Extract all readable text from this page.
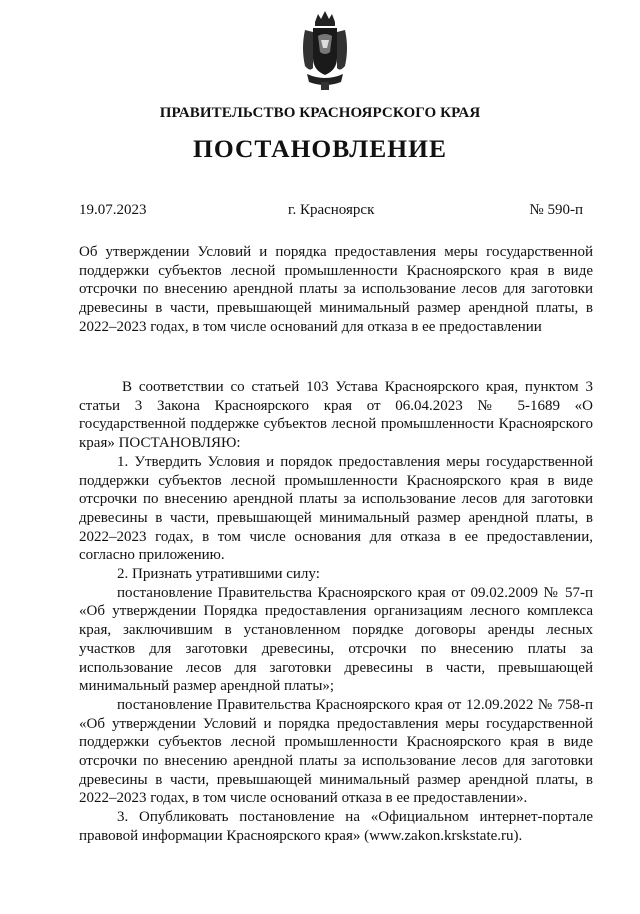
ПРАВИТЕЛЬСТВО КРАСНОЯРСКОГО КРАЯ
ПОСТАНОВЛЕНИЕ
19.07.2023	г. Красноярск	№ 590-п
Об утверждении Условий и порядка предоставления меры государственной поддержки субъектов лесной промышленности Красноярского края в виде отсрочки по внесению арендной платы за использование лесов для заготовки древесины в части, превышающей минимальный размер арендной платы, в 2022–2023 годах, в том числе оснований для отказа в ее предоставлении

В соответствии со статьей 103 Устава Красноярского края, пунктом 3 статьи 3 Закона Красноярского края от 06.04.2023 № 5-1689 «О государственной поддержке субъектов лесной промышленности Красноярского края» ПОСТАНОВЛЯЮ:

1. Утвердить Условия и порядок предоставления меры государственной поддержки субъектов лесной промышленности Красноярского края в виде отсрочки по внесению арендной платы за использование лесов для заготовки древесины в части, превышающей минимальный размер арендной платы, в 2022–2023 годах, в том числе основания для отказа в ее предоставлении, согласно приложению.

2. Признать утратившими силу:

постановление Правительства Красноярского края от 09.02.2009 № 57-п «Об утверждении Порядка предоставления организациям лесного комплекса края, заключившим в установленном порядке договоры аренды лесных участков для заготовки древесины, отсрочки по внесению платы за использование лесов для заготовки древесины в части, превышающей минимальный размер арендной платы»;

постановление Правительства Красноярского края от 12.09.2022 № 758-п «Об утверждении Условий и порядка предоставления меры государственной поддержки субъектов лесной промышленности Красноярского края в виде отсрочки по внесению арендной платы за использование лесов для заготовки древесины в части, превышающей минимальный размер арендной платы, в 2022–2023 годах, в том числе оснований отказа в ее предоставлении».

3. Опубликовать постановление на «Официальном интернет-портале правовой информации Красноярского края» (www.zakon.krskstate.ru).
